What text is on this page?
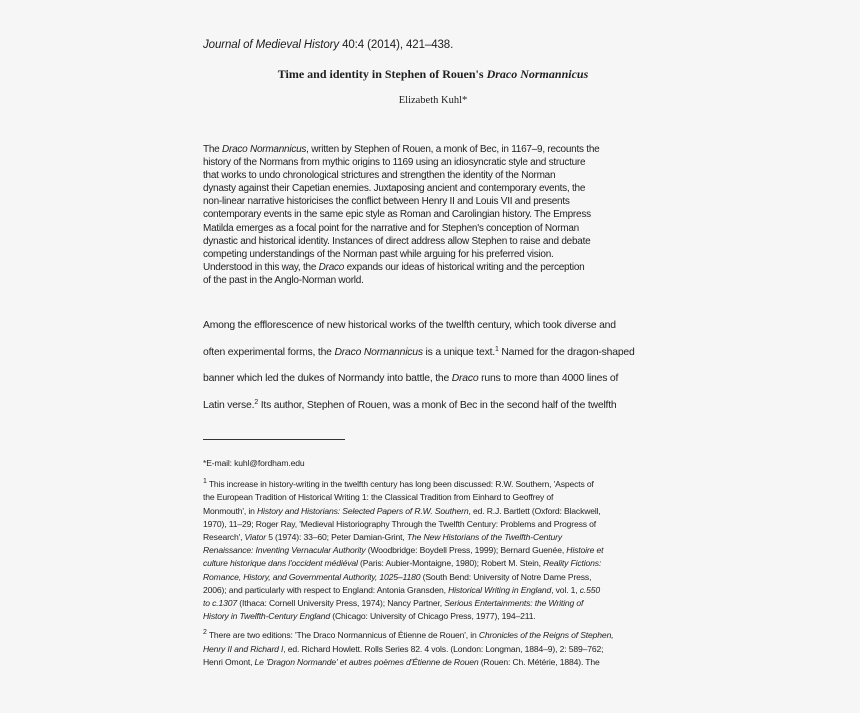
Journal of Medieval History 40:4 (2014), 421–438.
Time and identity in Stephen of Rouen's Draco Normannicus
Elizabeth Kuhl*
The Draco Normannicus, written by Stephen of Rouen, a monk of Bec, in 1167–9, recounts the
history of the Normans from mythic origins to 1169 using an idiosyncratic style and structure
that works to undo chronological strictures and strengthen the identity of the Norman
dynasty against their Capetian enemies. Juxtaposing ancient and contemporary events, the
non-linear narrative historicises the conflict between Henry II and Louis VII and presents
contemporary events in the same epic style as Roman and Carolingian history. The Empress
Matilda emerges as a focal point for the narrative and for Stephen's conception of Norman
dynastic and historical identity. Instances of direct address allow Stephen to raise and debate
competing understandings of the Norman past while arguing for his preferred vision.
Understood in this way, the Draco expands our ideas of historical writing and the perception
of the past in the Anglo-Norman world.
Among the efflorescence of new historical works of the twelfth century, which took diverse and
often experimental forms, the Draco Normannicus is a unique text.$^1$ Named for the dragon-shaped
banner which led the dukes of Normandy into battle, the Draco runs to more than 4000 lines of
Latin verse.$^2$ Its author, Stephen of Rouen, was a monk of Bec in the second half of the twelfth
*E-mail: kuhl@fordham.edu
$^1$ This increase in history-writing in the twelfth century has long been discussed: R.W. Southern, 'Aspects of
the European Tradition of Historical Writing 1: the Classical Tradition from Einhard to Geoffrey of
Monmouth', in History and Historians: Selected Papers of R.W. Southern, ed. R.J. Bartlett (Oxford: Blackwell,
1970), 11–29; Roger Ray, 'Medieval Historiography Through the Twelfth Century: Problems and Progress of
Research', Viator 5 (1974): 33–60; Peter Damian-Grint, The New Historians of the Twelfth-Century
Renaissance: Inventing Vernacular Authority (Woodbridge: Boydell Press, 1999); Bernard Guenée, Histoire et
culture historique dans l'occident médiéval (Paris: Aubier-Montaigne, 1980); Robert M. Stein, Reality Fictions:
Romance, History, and Governmental Authority, 1025–1180 (South Bend: University of Notre Dame Press,
2006); and particularly with respect to England: Antonia Gransden, Historical Writing in England, vol. 1, c.550
to c.1307 (Ithaca: Cornell University Press, 1974); Nancy Partner, Serious Entertainments: the Writing of
History in Twelfth-Century England (Chicago: University of Chicago Press, 1977), 194–211.
$^2$ There are two editions: 'The Draco Normannicus of Étienne de Rouen', in Chronicles of the Reigns of Stephen,
Henry II and Richard I, ed. Richard Howlett. Rolls Series 82. 4 vols. (London: Longman, 1884–9), 2: 589–762;
Henri Omont, Le 'Dragon Normande' et autres poèmes d'Étienne de Rouen (Rouen: Ch. Métérie, 1884). The
